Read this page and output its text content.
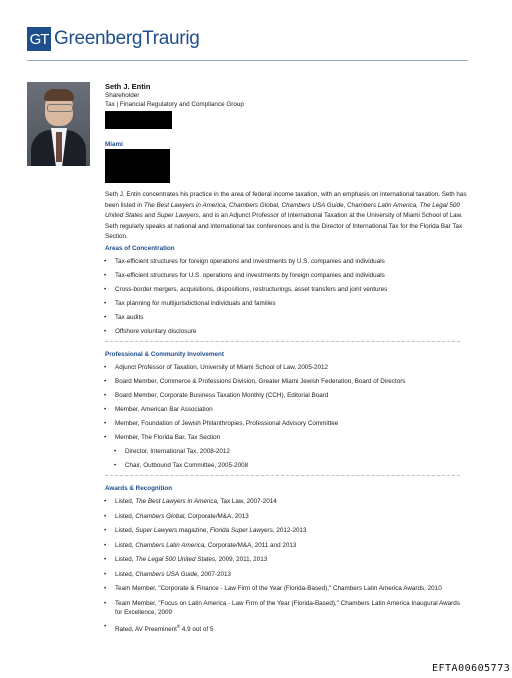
GT GreenbergTraurig
Seth J. Entin
Shareholder
Tax | Financial Regulatory and Compliance Group
Miami
Seth J. Entin concentrates his practice in the area of federal income taxation, with an emphasis on international taxation. Seth has been listed in The Best Lawyers in America, Chambers Global, Chambers USA Guide, Chambers Latin America, The Legal 500 United States and Super Lawyers, and is an Adjunct Professor of International Taxation at the University of Miami School of Law. Seth regularly speaks at national and international tax conferences and is the Director of International Tax for the Florida Bar Tax Section.
Areas of Concentration
•	Tax-efficient structures for foreign operations and investments by U.S. companies and individuals
•	Tax-efficient structures for U.S. operations and investments by foreign companies and individuals
•	Cross-border mergers, acquisitions, dispositions, restructurings, asset transfers and joint ventures
•	Tax planning for multijurisdictional individuals and families
•	Tax audits
•	Offshore voluntary disclosure
Professional & Community Involvement
•	Adjunct Professor of Taxation, University of Miami School of Law, 2005-2012
•	Board Member, Commerce & Professions Division, Greater Miami Jewish Federation, Board of Directors
•	Board Member, Corporate Business Taxation Monthly (CCH), Editorial Board
•	Member, American Bar Association
•	Member, Foundation of Jewish Philanthropies, Professional Advisory Committee
•	Member, The Florida Bar, Tax Section
•	Director, International Tax, 2008-2012
•	Chair, Outbound Tax Committee, 2005-2008
Awards & Recognition
•	Listed, The Best Lawyers in America, Tax Law, 2007-2014
•	Listed, Chambers Global, Corporate/M&A, 2013
•	Listed, Super Lawyers magazine, Florida Super Lawyers, 2012-2013
•	Listed, Chambers Latin America, Corporate/M&A, 2011 and 2013
•	Listed, The Legal 500 United States, 2009, 2011, 2013
•	Listed, Chambers USA Guide, 2007-2013
•	Team Member, "Corporate & Finance - Law Firm of the Year (Florida-Based)," Chambers Latin America Awards, 2010
•	Team Member, "Focus on Latin America - Law Firm of the Year (Florida-Based)," Chambers Latin America Inaugural Awards for Excellence, 2009
•	Rated, AV Preeminent® 4.9 out of 5
EFTA00605773
